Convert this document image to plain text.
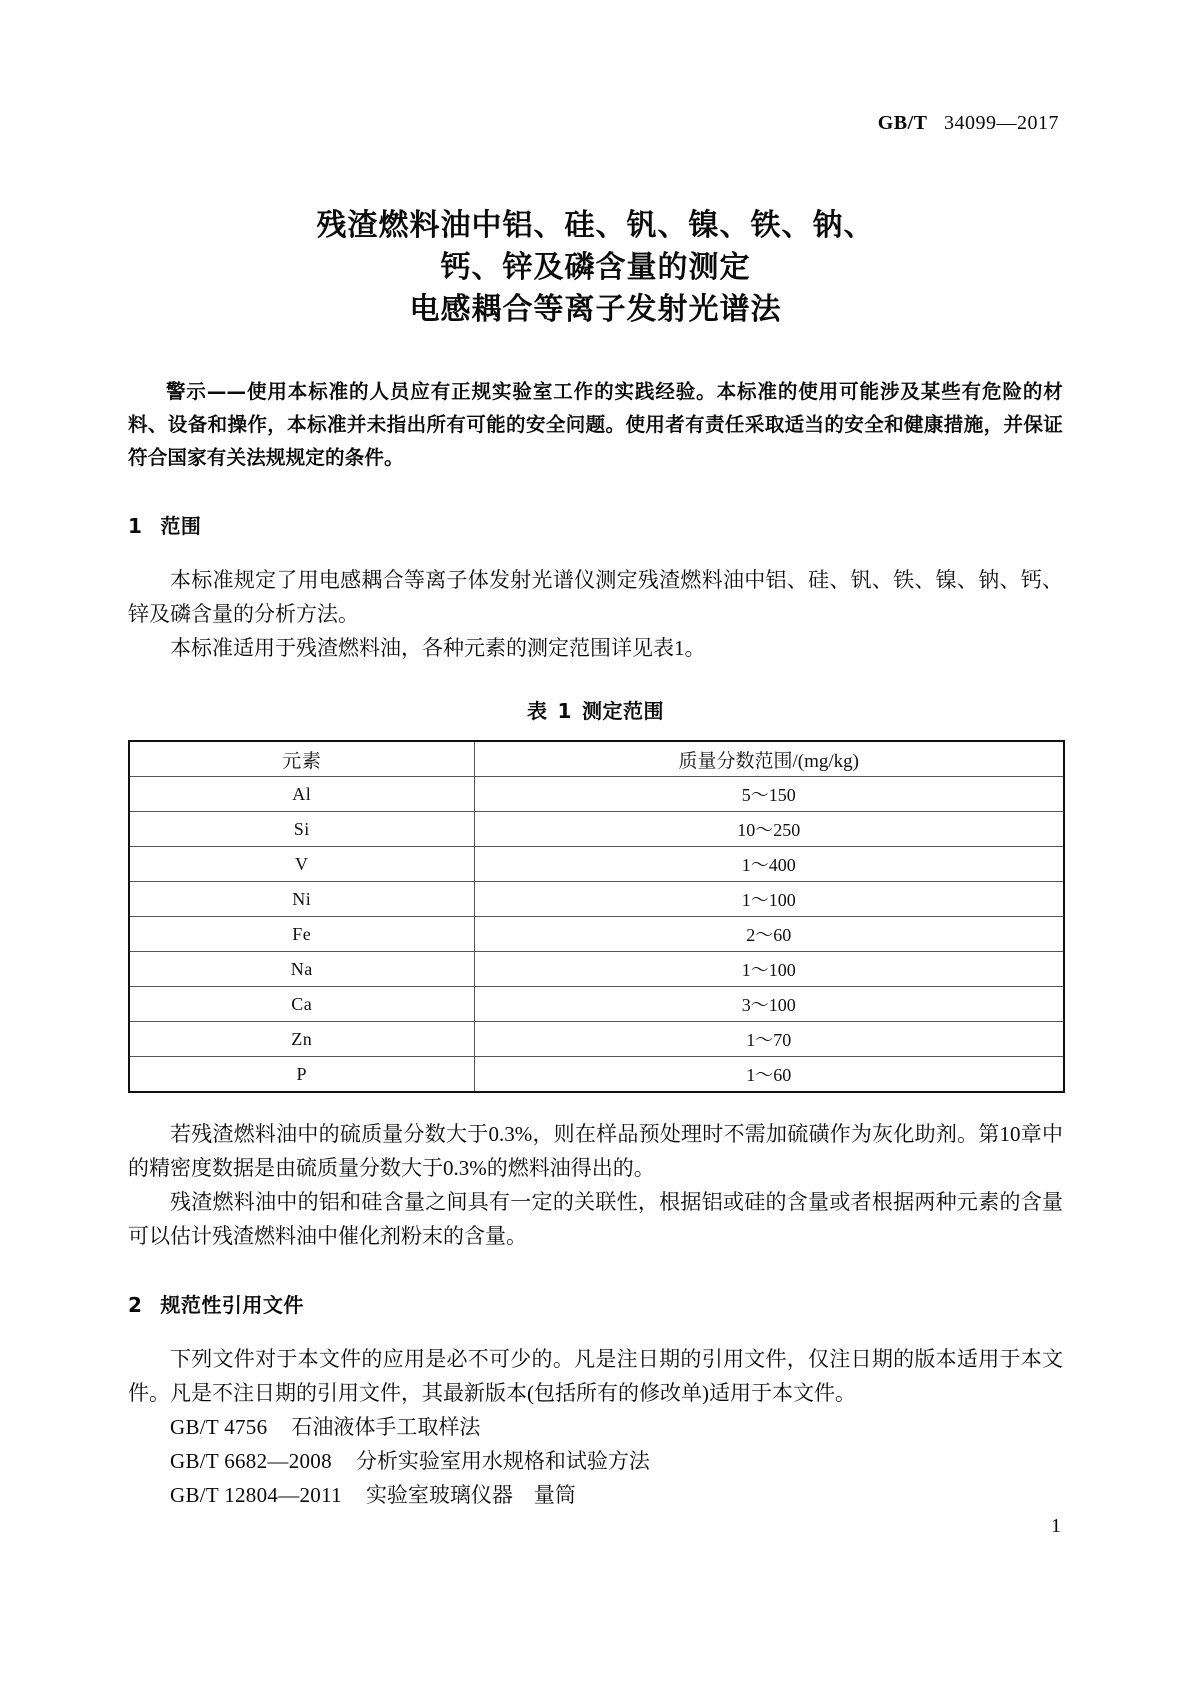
GB/T 34099—2017
残渣燃料油中铝、硅、钒、镍、铁、钠、
钙、锌及磷含量的测定
电感耦合等离子发射光谱法

警示——使用本标准的人员应有正规实验室工作的实践经验。本标准的使用可能涉及某些有危险的材料、设备和操作，本标准并未指出所有可能的安全问题。使用者有责任采取适当的安全和健康措施，并保证符合国家有关法规规定的条件。

1 范围

本标准规定了用电感耦合等离子体发射光谱仪测定残渣燃料油中铝、硅、钒、铁、镍、钠、钙、锌及磷含量的分析方法。

本标准适用于残渣燃料油，各种元素的测定范围详见表1。

表 1 测定范围
元素	质量分数范围/(mg/kg)
Al	5～150
Si	10～250
V	1～400
Ni	1～100
Fe	2～60
Na	1～100
Ca	3～100
Zn	1～70
P	1～60

若残渣燃料油中的硫质量分数大于0.3%，则在样品预处理时不需加硫磺作为灰化助剂。第10章中的精密度数据是由硫质量分数大于0.3%的燃料油得出的。

残渣燃料油中的铝和硅含量之间具有一定的关联性，根据铝或硅的含量或者根据两种元素的含量可以估计残渣燃料油中催化剂粉末的含量。

2 规范性引用文件

下列文件对于本文件的应用是必不可少的。凡是注日期的引用文件，仅注日期的版本适用于本文件。凡是不注日期的引用文件，其最新版本(包括所有的修改单)适用于本文件。

GB/T 4756 石油液体手工取样法
GB/T 6682—2008 分析实验室用水规格和试验方法
GB/T 12804—2011 实验室玻璃仪器　量筒
1
